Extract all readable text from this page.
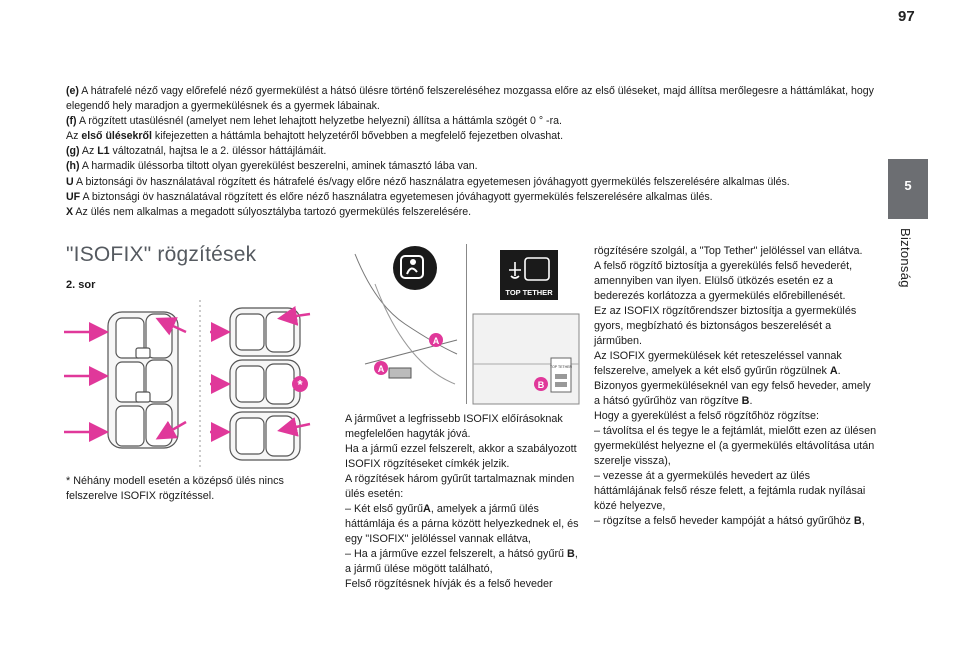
97
5
Biztonság

(e) A hátrafelé néző vagy előrefelé néző gyermekülést a hátsó ülésre történő felszereléséhez mozgassa előre az első üléseket, majd állítsa merőlegesre a háttámlákat, hogy elegendő hely maradjon a gyermekülésnek és a gyermek lábainak.

(f) A rögzített utasülésnél (amelyet nem lehet lehajtott helyzetbe helyezni) állítsa a háttámla szögét 0 ° -ra.

Az első ülésekről kifejezetten a háttámla behajtott helyzetéről bővebben a megfelelő fejezetben olvashat.

(g) Az L1 változatnál, hajtsa le a 2. üléssor háttájlámáit.

(h) A harmadik üléssorba tiltott olyan gyerekülést beszerelni, aminek támasztó lába van.

U A biztonsági öv használatával rögzített és hátrafelé és/vagy előre néző használatra egyetemesen jóváhagyott gyermekülés felszerelésére alkalmas ülés.

UF A biztonsági öv használatával rögzített és előre néző használatra egyetemesen jóváhagyott gyermekülés felszerelésére alkalmas ülés.

X Az ülés nem alkalmas a megadott súlyosztályba tartozó gyermekülés felszerelésére.

"ISOFIX" rögzítések
2. sor
*

* Néhány modell esetén a középső ülés nincs felszerelve ISOFIX rögzítéssel.

A
A
TOP TETHER
TOP TETHER
B

A járművet a legfrissebb ISOFIX előírásoknak megfelelően hagyták jóvá.

Ha a jármű ezzel felszerelt, akkor a szabályozott ISOFIX rögzítéseket címkék jelzik.

A rögzítések három gyűrűt tartalmaznak minden ülés esetén:

– Két első gyűrűA, amelyek a jármű ülés háttámlája és a párna között helyezkednek el, és egy "ISOFIX" jelöléssel vannak ellátva,

– Ha a járműve ezzel felszerelt, a hátsó gyűrű B, a jármű ülése mögött található,

Felső rögzítésnek hívják és a felső heveder

rögzítésére szolgál, a "Top Tether" jelöléssel van ellátva.

A felső rögzítő biztosítja a gyerekülés felső hevederét, amennyiben van ilyen. Elülső ütközés esetén ez a bederezés korlátozza a gyermekülés előrebillenését.

Ez az ISOFIX rögzítőrendszer biztosítja a gyermekülés gyors, megbízható és biztonságos beszerelését a járműben.

Az ISOFIX gyermekülések két reteszeléssel vannak felszerelve, amelyek a két első gyűrűn rögzülnek A.

Bizonyos gyermeküléseknél van egy felső heveder, amely a hátsó gyűrűhöz van rögzítve B.

Hogy a gyerekülést a felső rögzítőhöz rögzítse:

– távolítsa el és tegye le a fejtámlát, mielőtt ezen az ülésen gyermekülést helyezne el (a gyermekülés eltávolítása után szerelje vissza),

– vezesse át a gyermekülés hevedert az ülés háttámlájának felső része felett, a fejtámla rudak nyílásai közé helyezve,

– rögzítse a felső heveder kampóját a hátsó gyűrűhöz B,
